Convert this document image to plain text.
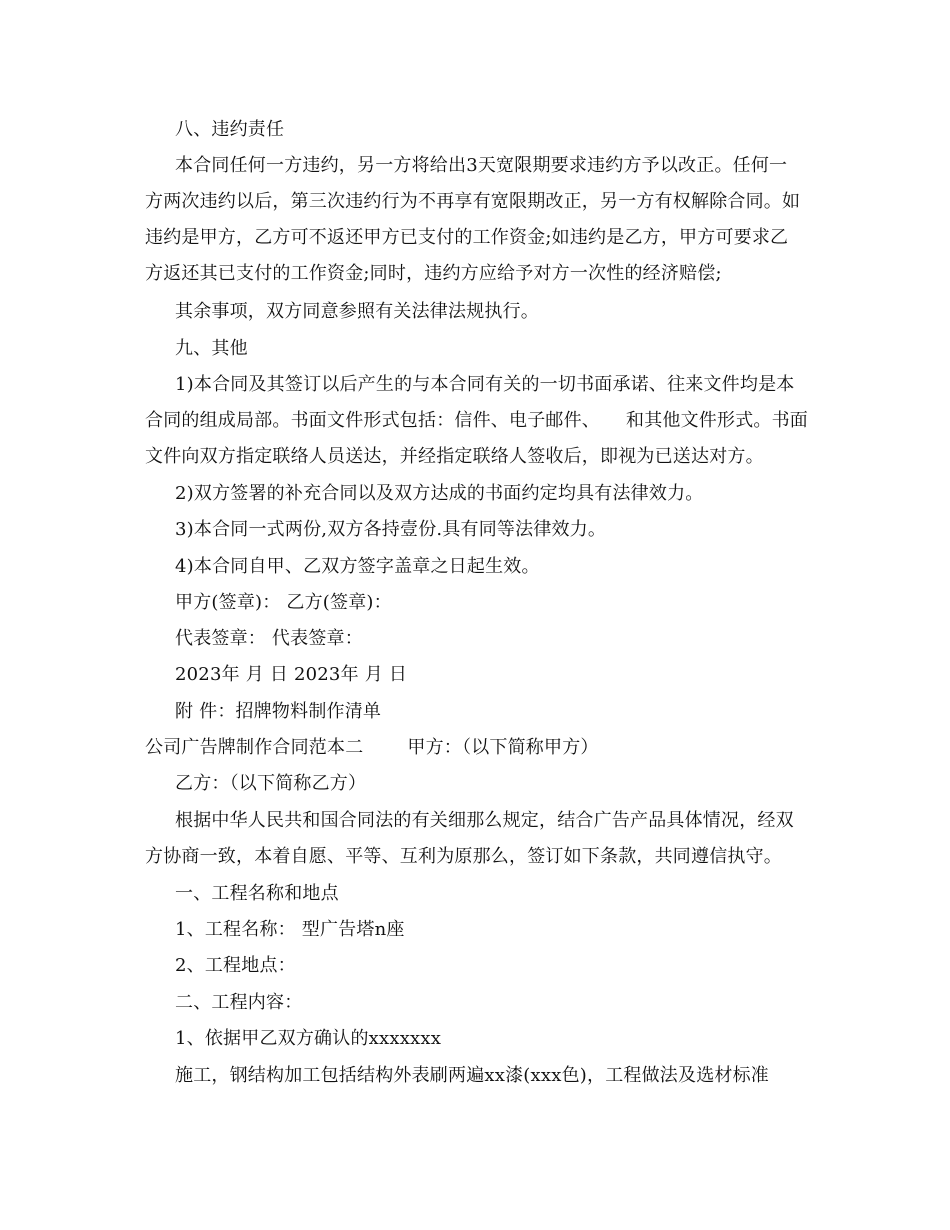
八、违约责任
本合同任何一方违约，另一方将给出3天宽限期要求违约方予以改正。任何一
方两次违约以后，第三次违约行为不再享有宽限期改正，另一方有权解除合同。如
违约是甲方，乙方可不返还甲方已支付的工作资金;如违约是乙方，甲方可要求乙
方返还其已支付的工作资金;同时，违约方应给予对方一次性的经济赔偿;
其余事项，双方同意参照有关法律法规执行。
九、其他
1)本合同及其签订以后产生的与本合同有关的一切书面承诺、往来文件均是本
合同的组成局部。书面文件形式包括：信件、电子邮件、 和其他文件形式。书面
文件向双方指定联络人员送达，并经指定联络人签收后，即视为已送达对方。
2)双方签署的补充合同以及双方达成的书面约定均具有法律效力。
3)本合同一式两份,双方各持壹份.具有同等法律效力。
4)本合同自甲、乙双方签字盖章之日起生效。
甲方(签章)： 乙方(签章)：
代表签章： 代表签章：
2023年 月 日 2023年 月 日
附 件：招牌物料制作清单
公司广告牌制作合同范本二 甲方：（以下简称甲方）
乙方：（以下简称乙方）
根据中华人民共和国合同法的有关细那么规定，结合广告产品具体情况，经双
方协商一致，本着自愿、平等、互利为原那么，签订如下条款，共同遵信执守。
一、工程名称和地点
1、工程名称： 型广告塔n座
2、工程地点：
二、工程内容：
1、依据甲乙双方确认的xxxxxxx
施工，钢结构加工包括结构外表刷两遍xx漆(xxx色)，工程做法及选材标准
